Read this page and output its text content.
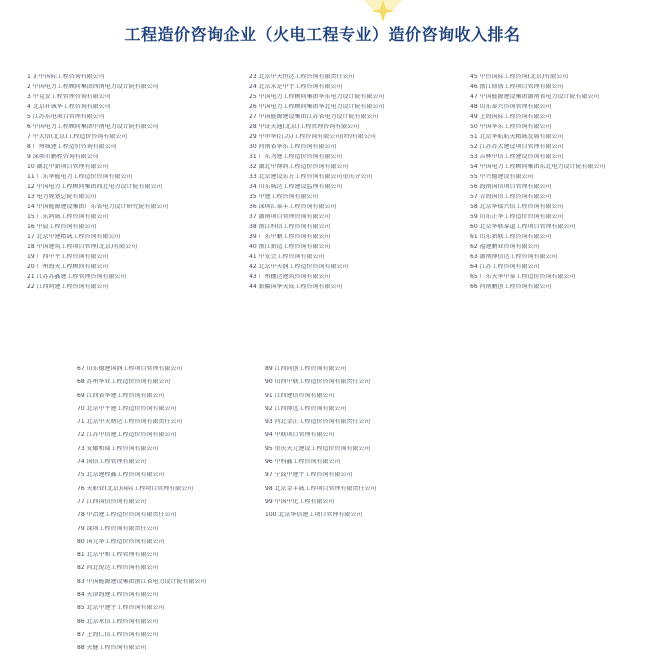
工程造价咨询企业（火电工程专业）造价咨询收入排名
1 正中国际工程咨询有限公司
2 中国电力工程顾问集团西南电力设计院有限公司
3 中竞发工程管理咨询有限公司
4 北京祥诚华工程咨询有限公司
5 江苏东电项目管理有限公司
6 中国电力工程顾问集团中南电力设计院有限公司
7 中大信(北京)工程造价咨询有限公司
8 广州城建工程造价咨询有限公司
9 深圳市鹏程咨询有限公司
10 湖北中新项目管理有限公司
11 广东华能电力工程造价咨询有限公司
12 中国电力工程顾问集团西北电力设计院有限公司
13 电力规划总院有限公司
14 中国能源建设集团广东省电力设计研究院有限公司
15 广东鸿诚工程咨询有限公司
16 中晨工程咨询有限公司
17 北京中建精诚工程咨询有限公司
18 中国建筑工程项目管理(北京)有限公司
19 广西中平工程咨询有限公司
20 广州海天工程顾问有限公司
21 江苏苏鑫建工程管理咨询有限公司
22 江西鸿建工程咨询有限公司
23 北京中天恒达工程咨询有限责任公司
24 北京求是中宇工程咨询有限公司
25 中国电力工程顾问集团华东电力设计院有限公司
26 中国电力工程顾问集团华北电力设计院有限公司
27 中国能源建设集团江苏省电力设计院有限公司
28 中证天通(北京)工程管理咨询有限公司
29 中审华(江苏)工程咨询有限公司(特)有限公司
30 河南省华东工程咨询有限公司
31 广东为建工程造价咨询有限公司
32 湖北中博鸿工程造价咨询有限公司
33 北京建设东方工程咨询有限公司重庆分公司
34 山东城达工程建设监理有限公司
35 中建工程咨询有限公司
36 深圳汇泰丰工程咨询有限公司
37 湖南项目管理咨询有限公司
38 浙江科信工程咨询有限公司
39 广东中鹏工程咨询有限公司
40 浙江新造工程咨询有限公司
41 中安会工程咨询有限公司
42 北京中天润工程造价咨询有限公司
43 广州穗达建筑咨询有限公司
44 新疆国华天成工程咨询有限公司
45 中咨国际工程咨询(北京)有限公司
46 浙江鼎盛工程项目管理有限公司
47 中国能源建设集团湖南省电力设计院有限公司
48 山东泰兴咨询管理有限公司
49 上海国际工程咨询有限公司
50 中国华东工程咨询有限公司
51 北京华航航天精诚发展有限公司
52 江苏苏大建设项目管理有限公司
53 吉林中信工程建设咨询有限公司
54 中国电力工程顾问集团东北电力设计院有限公司
55 中兴德建设有限公司
56 海南国信项目管理有限公司
57 青海国信工程咨询有限公司
58 北京华瑞兴信工程咨询有限公司
59 山东正华工程造价咨询有限公司
60 北京华联泰道工程项目管理有限公司
61 山东新联工程咨询有限公司
62 福建鹏业咨询有限公司
63 湖南博信达工程咨询有限公司
64 江苏工程咨询有限公司
65 广东天华中泰工程造价咨询有限公司
66 河南鹏创工程咨询有限公司
67 山东德建国润工程项目管理有限公司
68 苏州华业工程造价咨询有限公司
69 江西省华建工程咨询有限公司
70 北京中平建工程造价咨询有限公司
71 北京中天财达工程咨询有限责任公司
72 江苏中信建工程造价咨询有限公司
73 安徽和瑞工程咨询有限公司
74 国信工程管理有限公司
75 北京建程鑫工程咨询有限公司
76 天职业(北京)国际工程项目管理有限公司
77 江西国信咨询有限公司
78 中冶建工程造价咨询有限责任公司
79 深圳工程咨询有限责任公司
80 国元华工程造价咨询有限公司
81 北京中和工程管理有限公司
82 河北锐达工程咨询有限公司
83 中国能源建设集团浙江省电力设计院有限公司
84 天津海建工程咨询有限公司
85 北京中建宇工程咨询有限公司
86 北京永信工程咨询有限公司
87 上海仁信工程咨询有限公司
88 天健工程咨询有限公司
89 江西同创工程咨询有限公司
90 山西中联工程造价咨询有限责任公司
91 江西建信咨询有限公司
92 江西博远工程咨询有限公司
93 河北金正工程造价咨询有限责任公司
94 中联项目管理有限公司
95 重庆天元建设工程造价咨询有限公司
96 中科鑫工程咨询有限公司
97 宁波中建宇工程咨询有限公司
98 北京金丰诚工程项目管理有限责任公司
99 中国中化工程有限公司
100 北京华信建工项目管理有限公司
